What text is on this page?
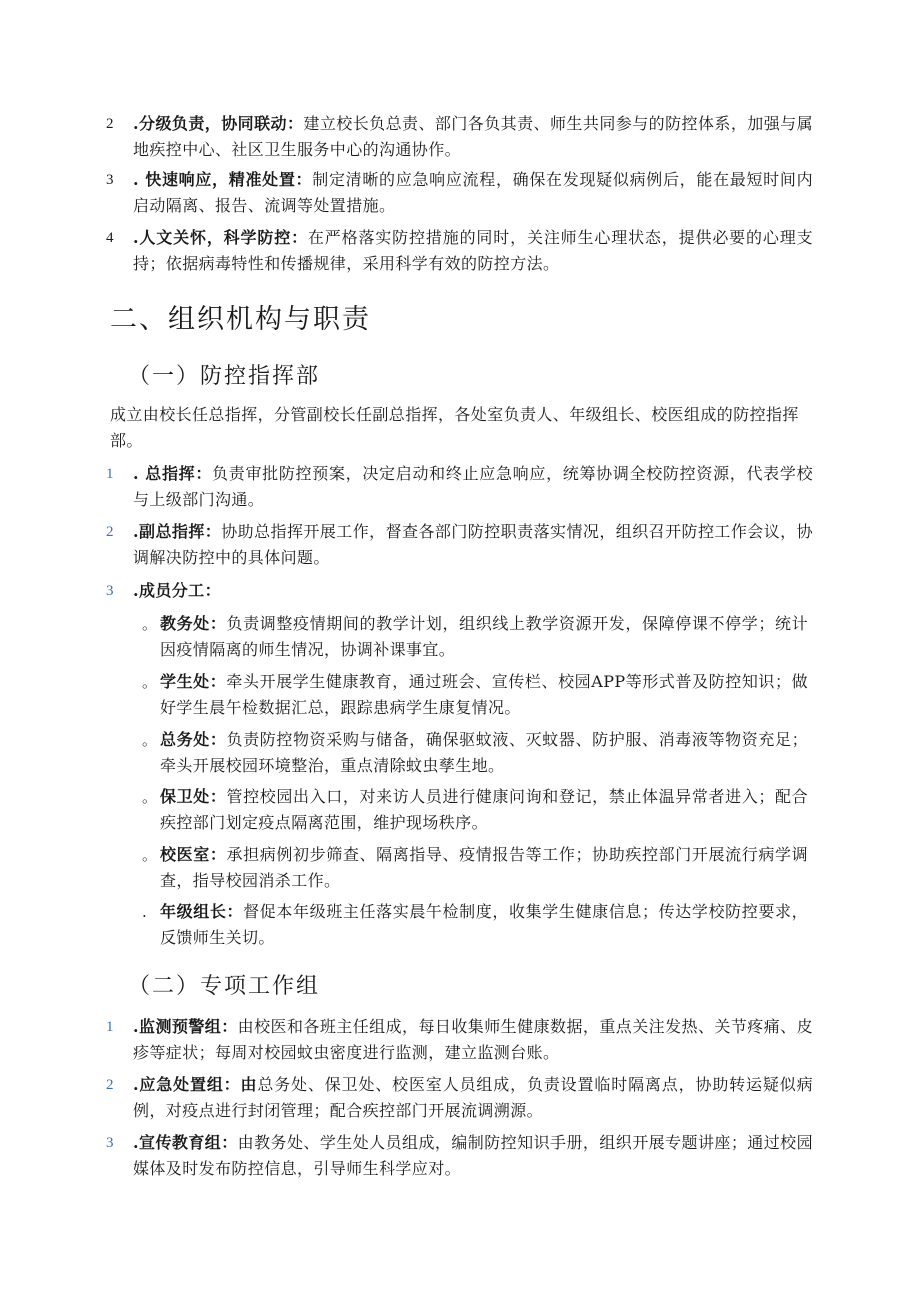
2 .分级负责，协同联动：建立校长负总责、部门各负其责、师生共同参与的防控体系，加强与属地疾控中心、社区卫生服务中心的沟通协作。
3 . 快速响应，精准处置：制定清晰的应急响应流程，确保在发现疑似病例后，能在最短时间内启动隔离、报告、流调等处置措施。
4 .人文关怀，科学防控：在严格落实防控措施的同时，关注师生心理状态，提供必要的心理支持；依据病毒特性和传播规律，采用科学有效的防控方法。
二、组织机构与职责
（一）防控指挥部
成立由校长任总指挥，分管副校长任副总指挥，各处室负责人、年级组长、校医组成的防控指挥部。
1 . 总指挥：负责审批防控预案，决定启动和终止应急响应，统筹协调全校防控资源，代表学校与上级部门沟通。
2 .副总指挥：协助总指挥开展工作，督查各部门防控职责落实情况，组织召开防控工作会议，协调解决防控中的具体问题。
3 .成员分工：
。 教务处：负责调整疫情期间的教学计划，组织线上教学资源开发，保障停课不停学；统计因疫情隔离的师生情况，协调补课事宜。
。 学生处：牵头开展学生健康教育，通过班会、宣传栏、校园APP等形式普及防控知识；做好学生晨午检数据汇总，跟踪患病学生康复情况。
。 总务处：负责防控物资采购与储备，确保驱蚊液、灭蚊器、防护服、消毒液等物资充足；牵头开展校园环境整治，重点清除蚊虫孳生地。
。 保卫处：管控校园出入口，对来访人员进行健康问询和登记，禁止体温异常者进入；配合疾控部门划定疫点隔离范围，维护现场秩序。
。 校医室：承担病例初步筛查、隔离指导、疫情报告等工作；协助疾控部门开展流行病学调查，指导校园消杀工作。
. 年级组长：督促本年级班主任落实晨午检制度，收集学生健康信息；传达学校防控要求，反馈师生关切。
（二）专项工作组
1 .监测预警组：由校医和各班主任组成，每日收集师生健康数据，重点关注发热、关节疼痛、皮疹等症状；每周对校园蚊虫密度进行监测，建立监测台账。
2 .应急处置组：由总务处、保卫处、校医室人员组成，负责设置临时隔离点，协助转运疑似病例，对疫点进行封闭管理；配合疾控部门开展流调溯源。
3 .宣传教育组：由教务处、学生处人员组成，编制防控知识手册，组织开展专题讲座；通过校园媒体及时发布防控信息，引导师生科学应对。
